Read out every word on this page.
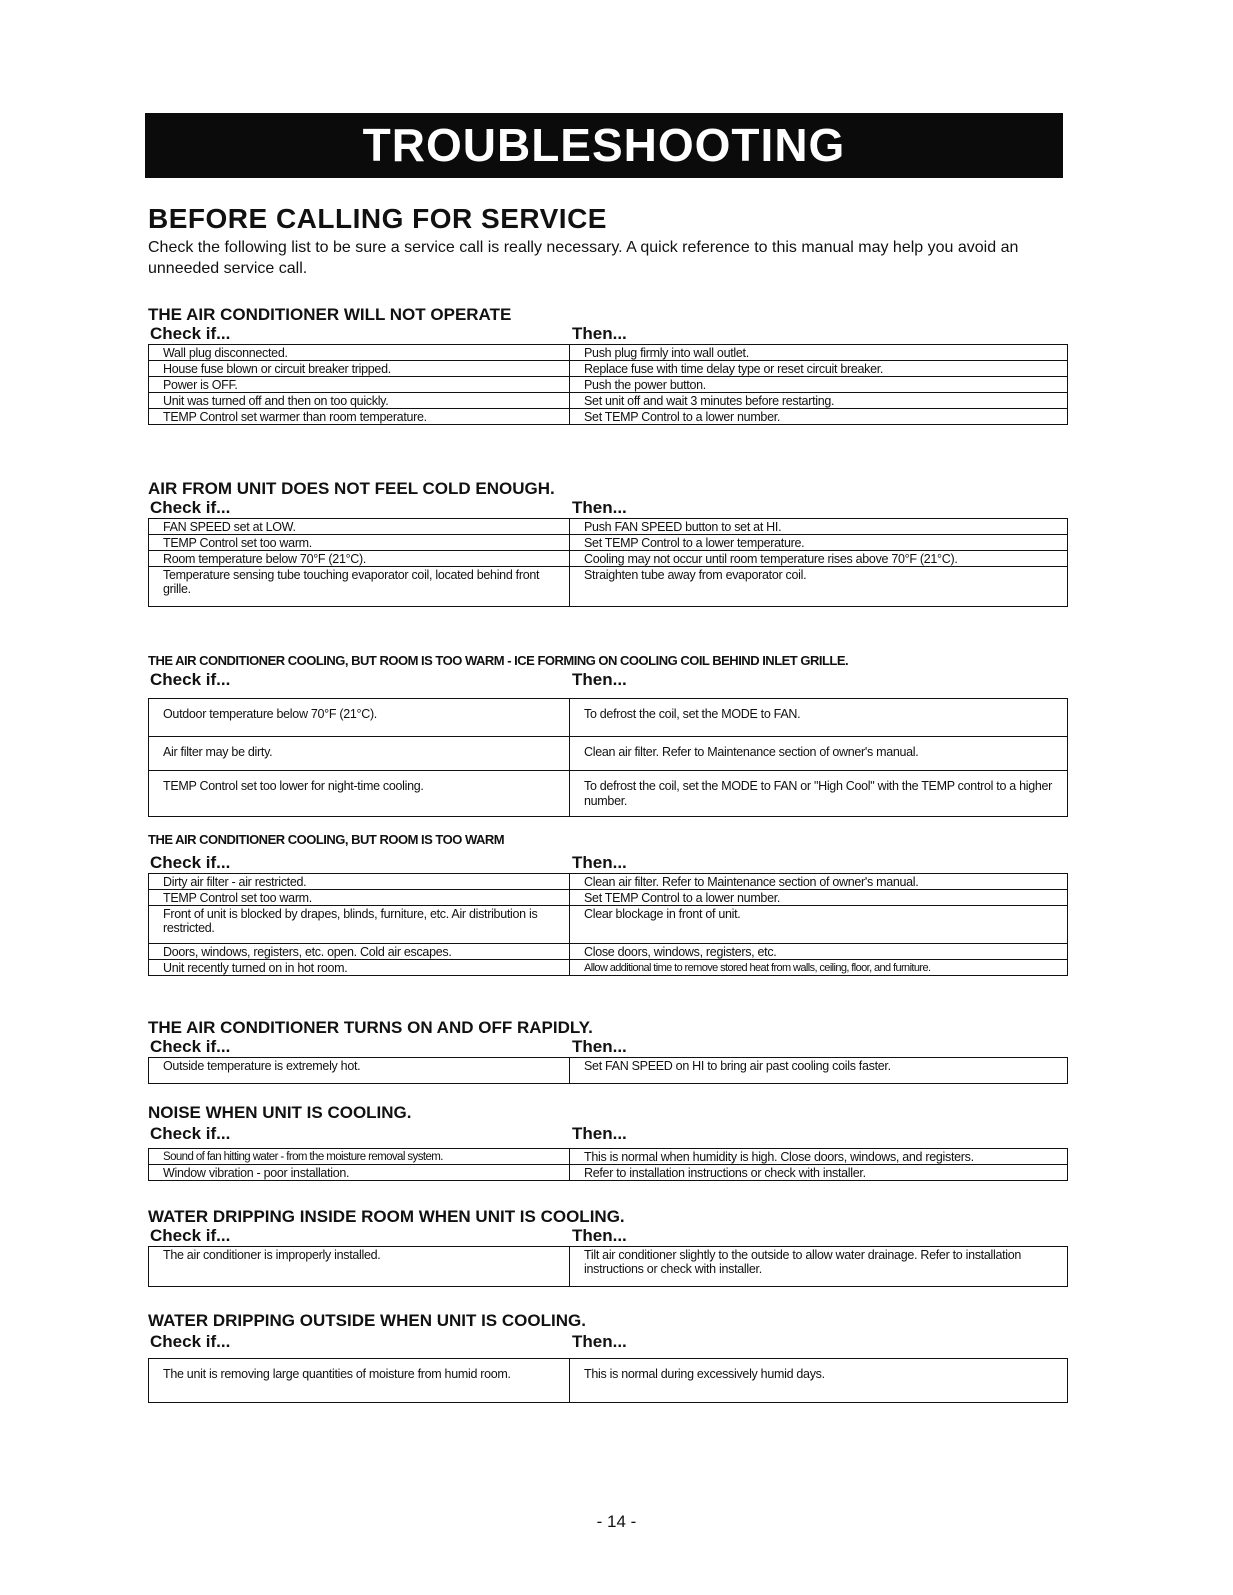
TROUBLESHOOTING
BEFORE CALLING FOR SERVICE
Check the following list to be sure a service call is really necessary. A quick reference to this manual may help you avoid an unneeded service call.
THE AIR CONDITIONER WILL NOT OPERATE
Check if...	Then...
Wall plug disconnected.	Push plug firmly into wall outlet.
House fuse blown or circuit breaker tripped.	Replace fuse with time delay type or reset circuit breaker.
Power is OFF.	Push the power button.
Unit was turned off and then on too quickly.	Set unit off and wait 3 minutes before restarting.
TEMP Control set warmer than room temperature.	Set TEMP Control to a lower number.
AIR FROM UNIT DOES NOT FEEL COLD ENOUGH.
Check if...	Then...
FAN SPEED set at LOW.	Push FAN SPEED button to set at HI.
TEMP Control set too warm.	Set TEMP Control to a lower temperature.
Room temperature below 70°F (21°C).	Cooling may not occur until room temperature rises above 70°F (21°C).
Temperature sensing tube touching evaporator coil, located behind front grille.	Straighten tube away from evaporator coil.
THE AIR CONDITIONER COOLING, BUT ROOM IS TOO WARM - ICE FORMING ON COOLING COIL BEHIND INLET GRILLE.
Check if...	Then...
Outdoor temperature below 70°F (21°C).	To defrost the coil, set the MODE to FAN.
Air filter may be dirty.	Clean air filter. Refer to Maintenance section of owner's manual.
TEMP Control set too lower for night-time cooling.	To defrost the coil, set the MODE to FAN or "High Cool" with the TEMP control to a higher number.
THE AIR CONDITIONER COOLING, BUT ROOM IS TOO WARM
Check if...	Then...
Dirty air filter - air restricted.	Clean air filter. Refer to Maintenance section of owner's manual.
TEMP Control set too warm.	Set TEMP Control to a lower number.
Front of unit is blocked by drapes, blinds, furniture, etc. Air distribution is restricted.	Clear blockage in front of unit.
Doors, windows, registers, etc. open. Cold air escapes.	Close doors, windows, registers, etc.
Unit recently turned on in hot room.	Allow additional time to remove stored heat from walls, ceiling, floor, and furniture.
THE AIR CONDITIONER TURNS ON AND OFF RAPIDLY.
Check if...	Then...
Outside temperature is extremely hot.	Set FAN SPEED on HI to bring air past cooling coils faster.
NOISE WHEN UNIT IS COOLING.
Check if...	Then...
Sound of fan hitting water - from the moisture removal system.	This is normal when humidity is high. Close doors, windows, and registers.
Window vibration - poor installation.	Refer to installation instructions or check with installer.
WATER DRIPPING INSIDE ROOM WHEN UNIT IS COOLING.
Check if...	Then...
The air conditioner is improperly installed.	Tilt air conditioner slightly to the outside to allow water drainage. Refer to installation instructions or check with installer.
WATER DRIPPING OUTSIDE WHEN UNIT IS COOLING.
Check if...	Then...
The unit is removing large quantities of moisture from humid room.	This is normal during excessively humid days.
- 14 -
